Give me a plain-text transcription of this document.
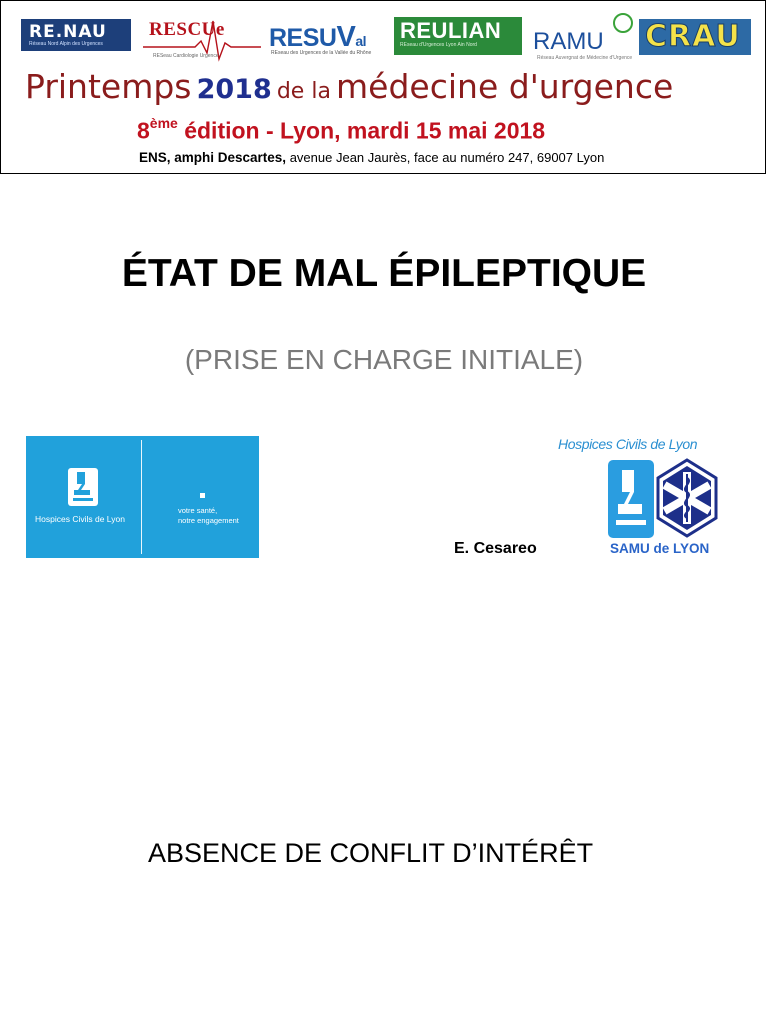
RE.NAU
Réseau Nord Alpin des Urgences
RESCUe
RESeau Cardiologie Urgence
RESUVal
REseau des Urgences de la Vallée du Rhône
REULIAN
REseau d'Urgences Lyon Ain Nord RAMU
Réseau Auvergnat de Médecine d'Urgence
CRAU
Printemps 2018 de la médecine d'urgence
8ème édition - Lyon, mardi 15 mai 2018
ENS, amphi Descartes, avenue Jean Jaurès, face au numéro 247, 69007 Lyon
ÉTAT DE MAL ÉPILEPTIQUE
(PRISE EN CHARGE INITIALE)
Hospices Civils de Lyon
votre santé,
notre engagement
E. Cesareo
Hospices Civils de Lyon
SAMU de LYON
ABSENCE DE CONFLIT D’INTÉRÊT
